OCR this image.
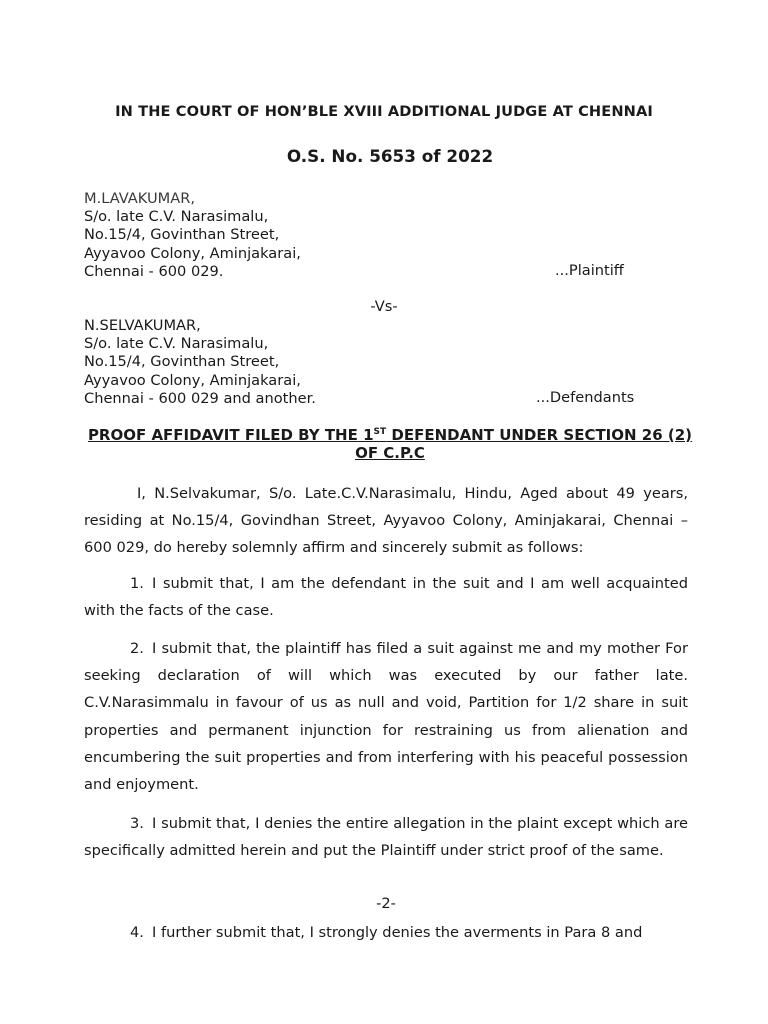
IN THE COURT OF HON’BLE XVIII ADDITIONAL JUDGE AT CHENNAI
O.S. No. 5653 of 2022
M.LAVAKUMAR,
S/o. late C.V. Narasimalu,
No.15/4, Govinthan Street,
Ayyavoo Colony, Aminjakarai,
Chennai - 600 029.	...Plaintiff
-Vs-
N.SELVAKUMAR,
S/o. late C.V. Narasimalu,
No.15/4, Govinthan Street,
Ayyavoo Colony, Aminjakarai,
Chennai - 600 029 and another.	...Defendants
PROOF AFFIDAVIT FILED BY THE 1ST DEFENDANT UNDER SECTION 26 (2) OF C.P.C
I, N.Selvakumar, S/o. Late.C.V.Narasimalu, Hindu, Aged about 49 years, residing at No.15/4, Govindhan Street, Ayyavoo Colony, Aminjakarai, Chennai – 600 029, do hereby solemnly affirm and sincerely submit as follows:
1. I submit that, I am the defendant in the suit and I am well acquainted with the facts of the case.
2. I submit that, the plaintiff has filed a suit against me and my mother For seeking declaration of will which was executed by our father late. C.V.Narasimmalu in favour of us as null and void, Partition for 1/2 share in suit properties and permanent injunction for restraining us from alienation and encumbering the suit properties and from interfering with his peaceful possession and enjoyment.
3. I submit that, I denies the entire allegation in the plaint except which are specifically admitted herein and put the Plaintiff under strict proof of the same.
-2-
4. I further submit that, I strongly denies the averments in Para 8 and
